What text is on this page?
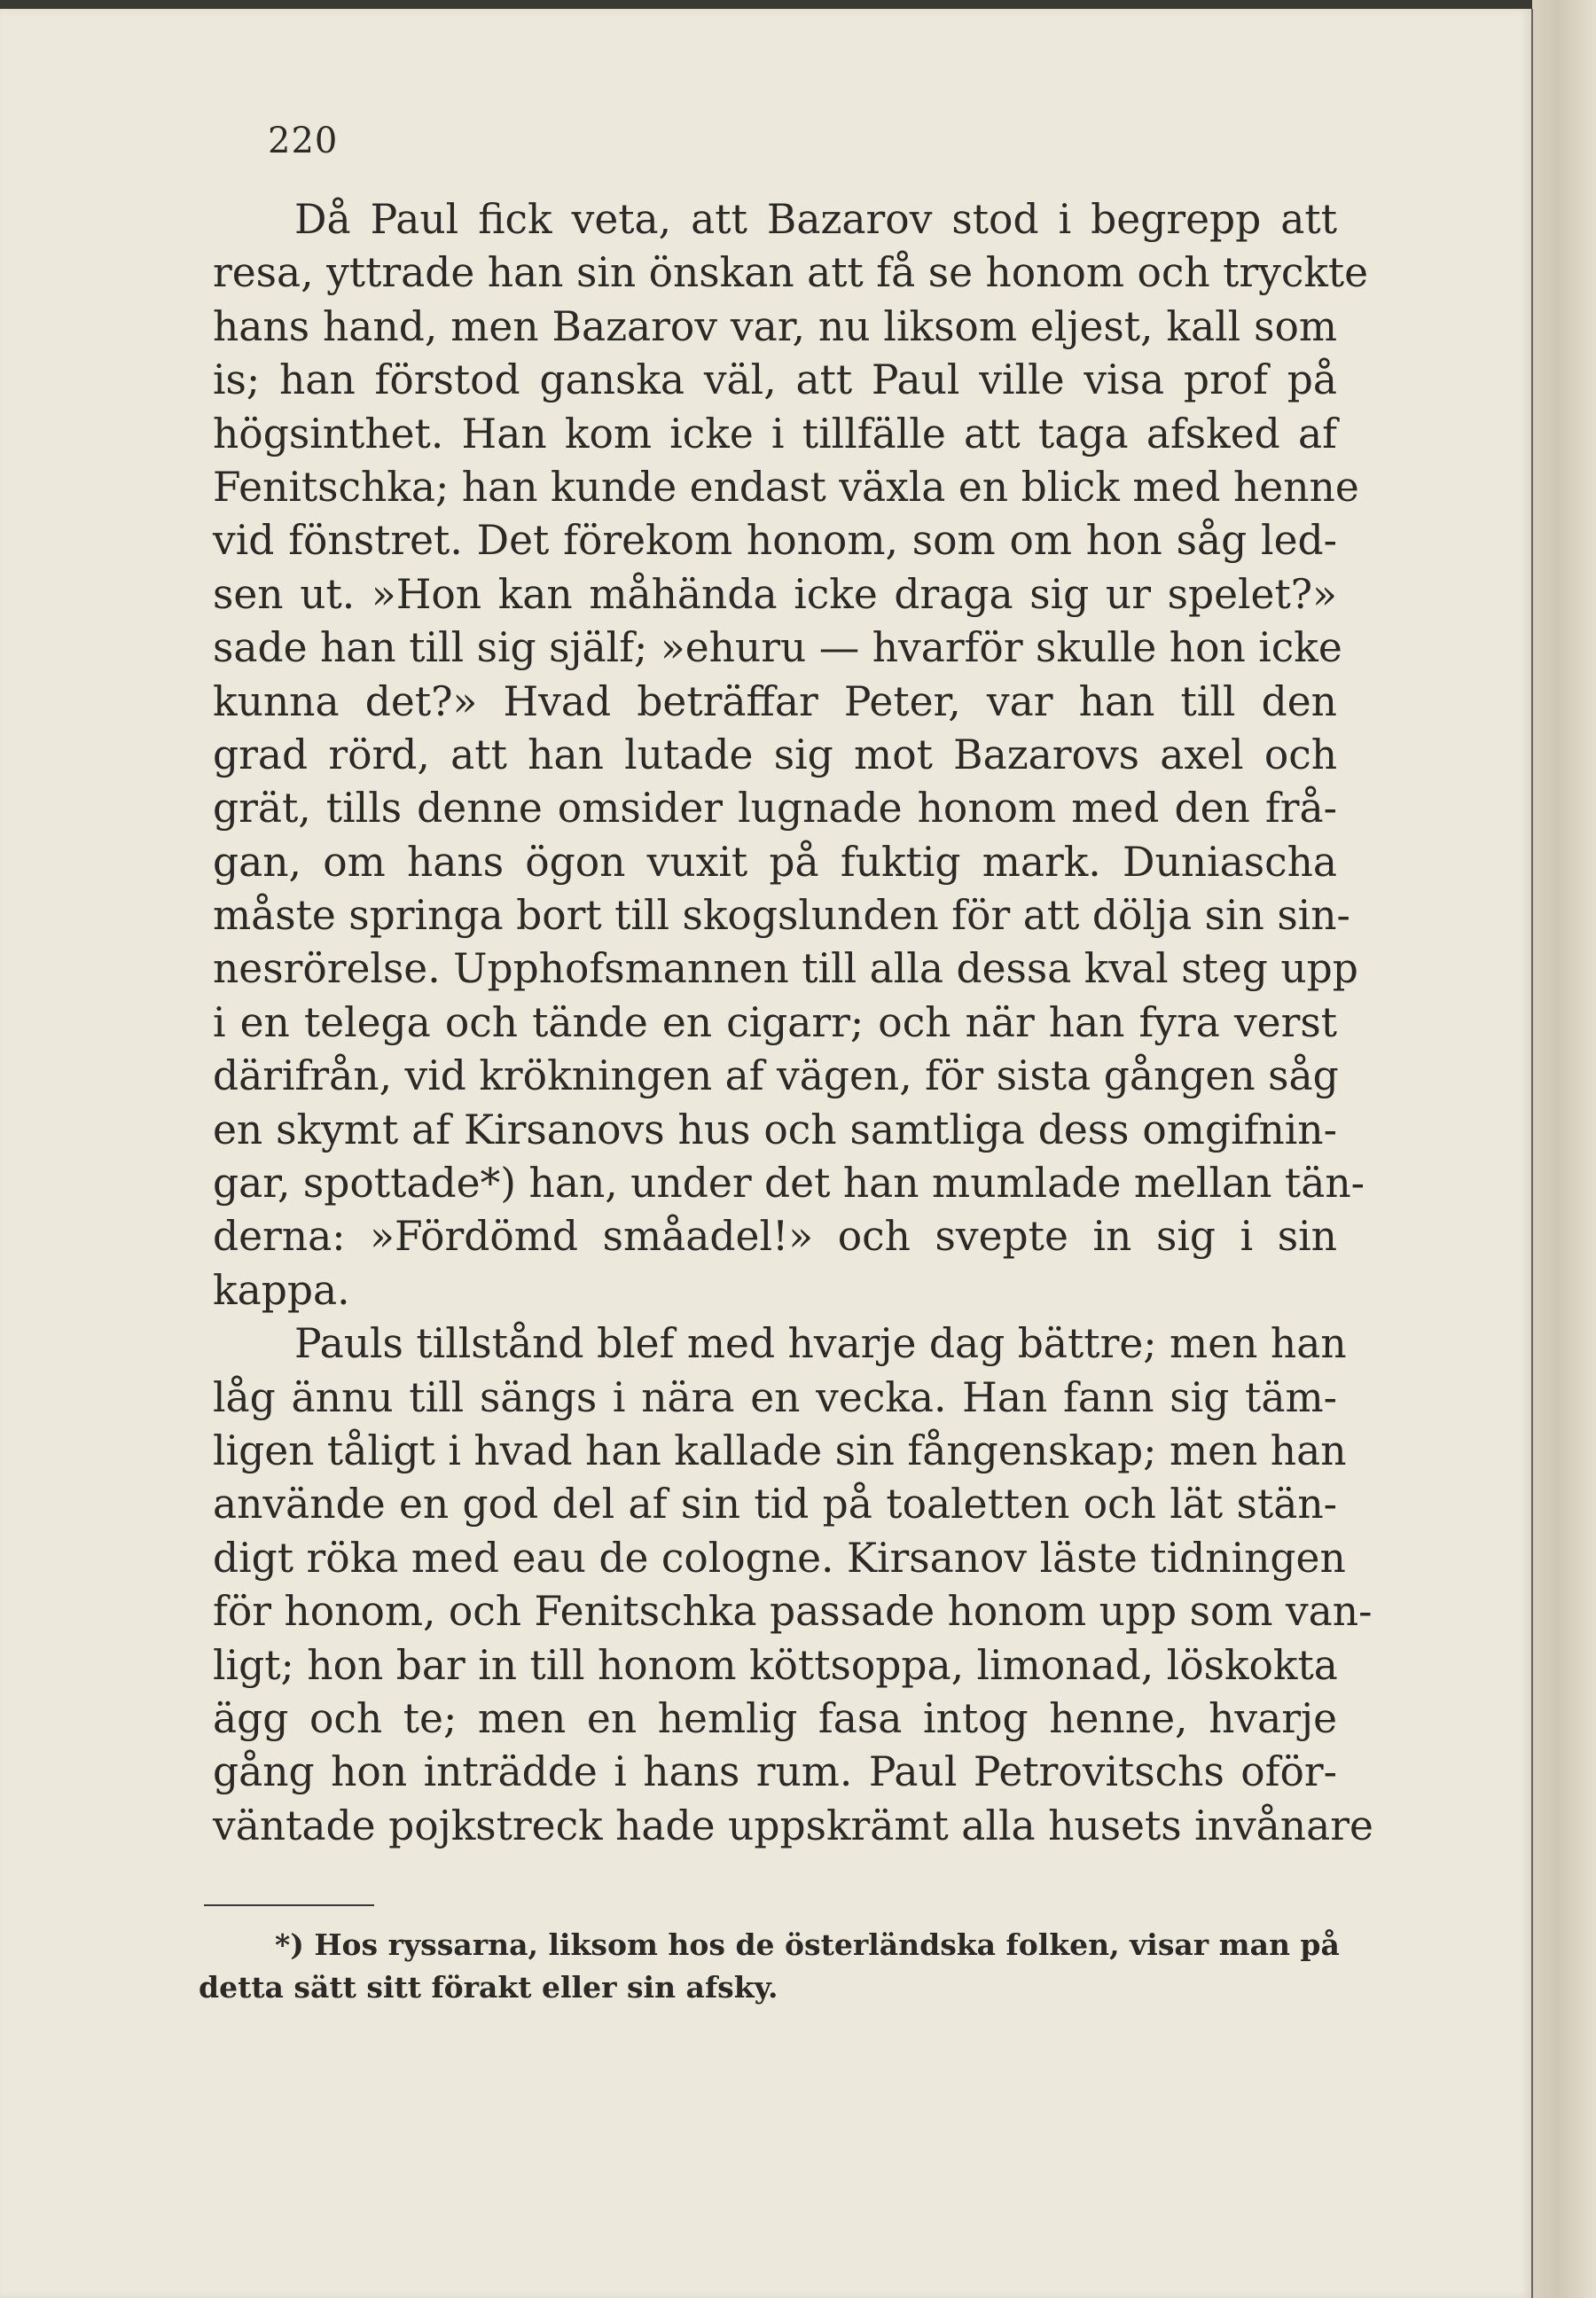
220
Då Paul fick veta, att Bazarov stod i begrepp att
resa, yttrade han sin önskan att få se honom och tryckte
hans hand, men Bazarov var, nu liksom eljest, kall som
is; han förstod ganska väl, att Paul ville visa prof på
högsinthet. Han kom icke i tillfälle att taga afsked af
Fenitschka; han kunde endast växla en blick med henne
vid fönstret. Det förekom honom, som om hon såg led-
sen ut. »Hon kan måhända icke draga sig ur spelet?»
sade han till sig själf; »ehuru — hvarför skulle hon icke
kunna det?» Hvad beträffar Peter, var han till den
grad rörd, att han lutade sig mot Bazarovs axel och
grät, tills denne omsider lugnade honom med den frå-
gan, om hans ögon vuxit på fuktig mark. Duniascha
måste springa bort till skogslunden för att dölja sin sin-
nesrörelse. Upphofsmannen till alla dessa kval steg upp
i en telega och tände en cigarr; och när han fyra verst
därifrån, vid krökningen af vägen, för sista gången såg
en skymt af Kirsanovs hus och samtliga dess omgifnin-
gar, spottade*) han, under det han mumlade mellan tän-
derna: »Fördömd småadel!» och svepte in sig i sin
kappa.
Pauls tillstånd blef med hvarje dag bättre; men han
låg ännu till sängs i nära en vecka. Han fann sig täm-
ligen tåligt i hvad han kallade sin fångenskap; men han
använde en god del af sin tid på toaletten och lät stän-
digt röka med eau de cologne. Kirsanov läste tidningen
för honom, och Fenitschka passade honom upp som van-
ligt; hon bar in till honom köttsoppa, limonad, löskokta
ägg och te; men en hemlig fasa intog henne, hvarje
gång hon inträdde i hans rum. Paul Petrovitschs oför-
väntade pojkstreck hade uppskrämt alla husets invånare
*) Hos ryssarna, liksom hos de österländska folken, visar man på
detta sätt sitt förakt eller sin afsky.
